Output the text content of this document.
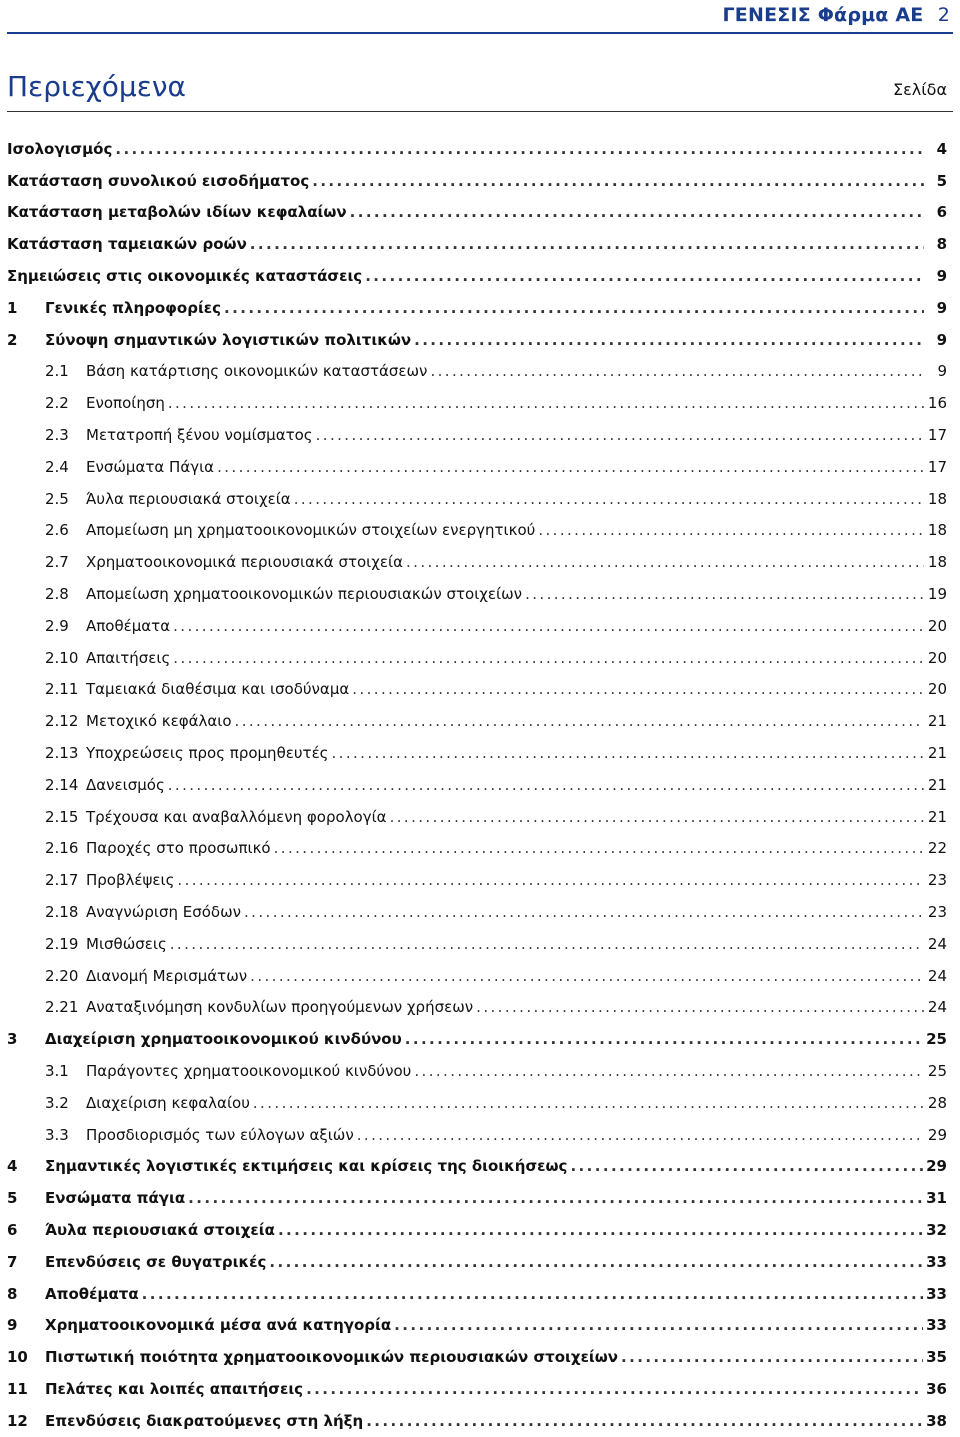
ΓΕΝΕΣΙΣ Φάρμα ΑΕ 2
Περιεχόμενα	Σελίδα
Ισολογισμός .....	4
Κατάσταση συνολικού εισοδήματος .....	5
Κατάσταση μεταβολών ιδίων κεφαλαίων .....	6
Κατάσταση ταμειακών ροών .....	8
Σημειώσεις στις οικονομικές καταστάσεις .....	9
1	Γενικές πληροφορίες .....	9
2	Σύνοψη σημαντικών λογιστικών πολιτικών .....	9
2.1	Βάση κατάρτισης οικονομικών καταστάσεων .....	9
2.2	Ενοποίηση .....	16
2.3	Μετατροπή ξένου νομίσματος .....	17
2.4	Ενσώματα Πάγια .....	17
2.5	Άυλα περιουσιακά στοιχεία .....	18
2.6	Απομείωση μη χρηματοοικονομικών στοιχείων ενεργητικού .....	18
2.7	Χρηματοοικονομικά περιουσιακά στοιχεία .....	18
2.8	Απομείωση χρηματοοικονομικών περιουσιακών στοιχείων .....	19
2.9	Αποθέματα .....	20
2.10 Απαιτήσεις .....	20
2.11 Ταμειακά διαθέσιμα και ισοδύναμα .....	20
2.12 Μετοχικό κεφάλαιο .....	21
2.13 Υποχρεώσεις προς προμηθευτές .....	21
2.14 Δανεισμός .....	21
2.15 Τρέχουσα και αναβαλλόμενη φορολογία .....	21
2.16 Παροχές στο προσωπικό .....	22
2.17 Προβλέψεις .....	23
2.18 Αναγνώριση Εσόδων .....	23
2.19 Μισθώσεις .....	24
2.20 Διανομή Μερισμάτων .....	24
2.21 Αναταξινόμηση κονδυλίων προηγούμενων χρήσεων .....	24
3	Διαχείριση χρηματοοικονομικού κινδύνου .....	25
3.1	Παράγοντες χρηματοοικονομικού κινδύνου .....	25
3.2	Διαχείριση κεφαλαίου .....	28
3.3	Προσδιορισμός των εύλογων αξιών .....	29
4	Σημαντικές λογιστικές εκτιμήσεις και κρίσεις της διοικήσεως .....	29
5	Ενσώματα πάγια .....	31
6	Άυλα περιουσιακά στοιχεία .....	32
7	Επενδύσεις σε θυγατρικές .....	33
8	Αποθέματα .....	33
9	Χρηματοοικονομικά μέσα ανά κατηγορία .....	33
10	Πιστωτική ποιότητα χρηματοοικονομικών περιουσιακών στοιχείων .....	35
11	Πελάτες και λοιπές απαιτήσεις .....	36
12	Επενδύσεις διακρατούμενες στη λήξη .....	38
